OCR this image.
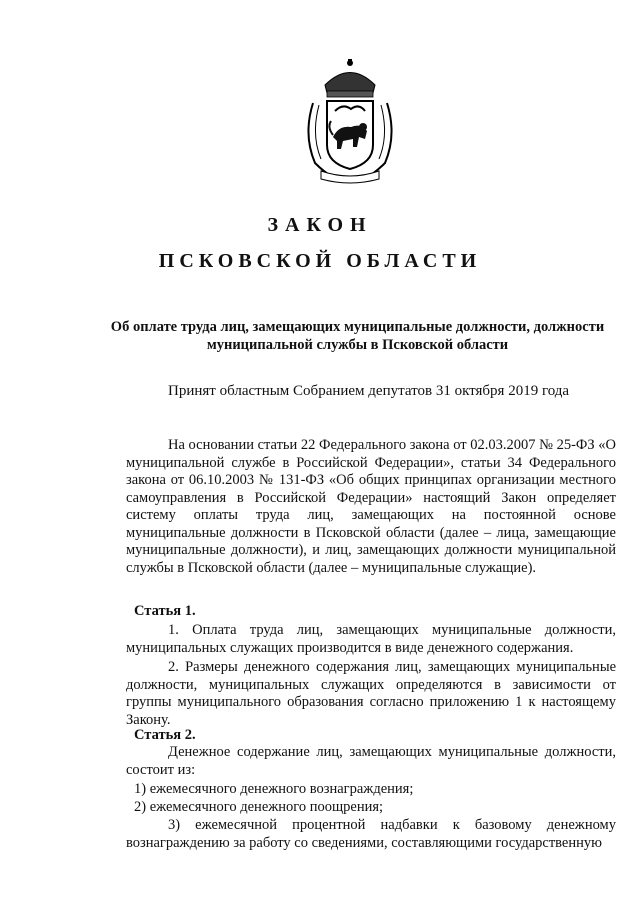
ЗАКОН
ПСКОВСКОЙ ОБЛАСТИ
Об оплате труда лиц, замещающих муниципальные должности, должности муниципальной службы в Псковской области
Принят областным Собранием депутатов 31 октября 2019 года
На основании статьи 22 Федерального закона от 02.03.2007 № 25-ФЗ «О муниципальной службе в Российской Федерации», статьи 34 Федерального закона от 06.10.2003 № 131-ФЗ «Об общих принципах организации местного самоуправления в Российской Федерации» настоящий Закон определяет систему оплаты труда лиц, замещающих на постоянной основе муниципальные должности в Псковской области (далее – лица, замещающие муниципальные должности), и лиц, замещающих должности муниципальной службы в Псковской области (далее – муниципальные служащие).
Статья 1.
1. Оплата труда лиц, замещающих муниципальные должности, муниципальных служащих производится в виде денежного содержания.
2. Размеры денежного содержания лиц, замещающих муниципальные должности, муниципальных служащих определяются в зависимости от группы муниципального образования согласно приложению 1 к настоящему Закону.
Статья 2.
Денежное содержание лиц, замещающих муниципальные должности, состоит из:
1) ежемесячного денежного вознаграждения;
2) ежемесячного денежного поощрения;
3) ежемесячной процентной надбавки к базовому денежному вознаграждению за работу со сведениями, составляющими государственную
